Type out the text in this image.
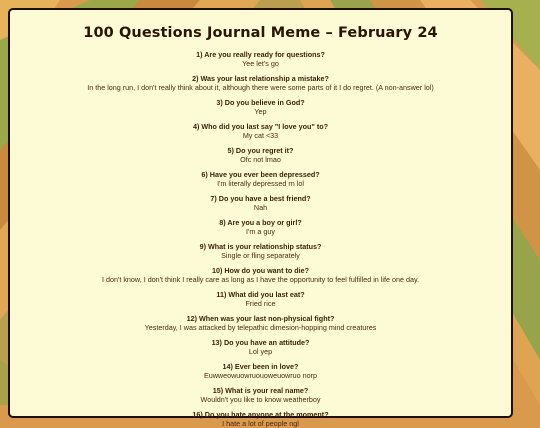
100 Questions Journal Meme – February 24
1) Are you really ready for questions?
Yee let's go
2) Was your last relationship a mistake?
In the long run, I don't really think about it, although there were some parts of it I do regret. (A non-answer lol)
3) Do you believe in God?
Yep
4) Who did you last say "I love you" to?
My cat <33
5) Do you regret it?
Ofc not lmao
6) Have you ever been depressed?
I'm literally depressed rn lol
7) Do you have a best friend?
Nah
8) Are you a boy or girl?
I'm a guy
9) What is your relationship status?
Single or fling separately
10) How do you want to die?
I don't know, I don't think I really care as long as I have the opportunity to feel fulfilled in life one day.
11) What did you last eat?
Fried rice
12) When was your last non-physical fight?
Yesterday, I was attacked by telepathic dimesion-hopping mind creatures
13) Do you have an attitude?
Lol yep
14) Ever been in love?
Euwweowuowruouoweuowruo norp
15) What is your real name?
Wouldn't you like to know weatherboy
16) Do you hate anyone at the moment?
I hate a lot of people ngl
